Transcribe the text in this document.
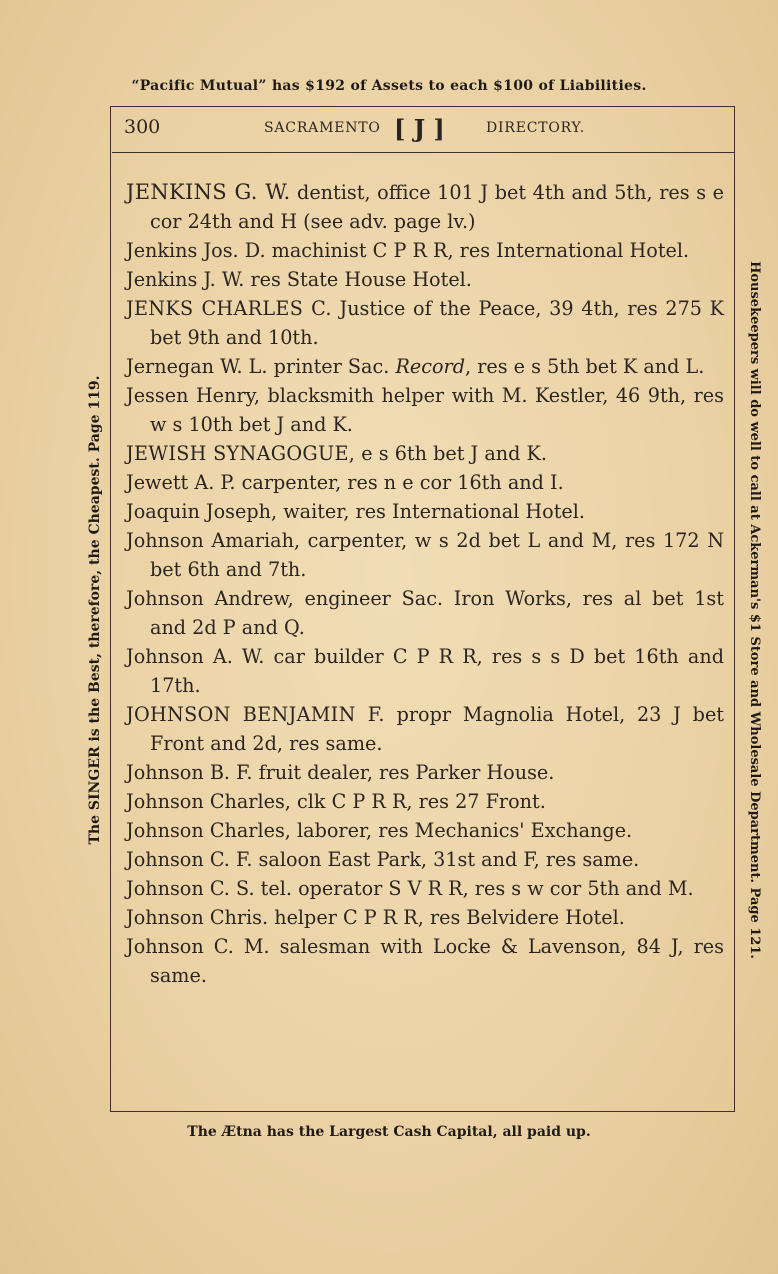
“Pacific Mutual” has $192 of Assets to each $100 of Liabilities.
The SINGER is the Best, therefore, the Cheapest. Page 119.	Housekeepers will do well to call at Ackerman's $1 Store and Wholesale Department. Page 121.
300	SACRAMENTO [ J ]	DIRECTORY.
JENKINS G. W. dentist, office 101 J bet 4th and 5th, res s e cor 24th and H (see adv. page lv.)
Jenkins Jos. D. machinist C P R R, res International Hotel.
Jenkins J. W. res State House Hotel.
JENKS CHARLES C. Justice of the Peace, 39 4th, res 275 K bet 9th and 10th.
Jernegan W. L. printer Sac. Record, res e s 5th bet K and L.
Jessen Henry, blacksmith helper with M. Kestler, 46 9th, res w s 10th bet J and K.
JEWISH SYNAGOGUE, e s 6th bet J and K.
Jewett A. P. carpenter, res n e cor 16th and I.
Joaquin Joseph, waiter, res International Hotel.
Johnson Amariah, carpenter, w s 2d bet L and M, res 172 N bet 6th and 7th.
Johnson Andrew, engineer Sac. Iron Works, res al bet 1st and 2d P and Q.
Johnson A. W. car builder C P R R, res s s D bet 16th and 17th.
JOHNSON BENJAMIN F. propr Magnolia Hotel, 23 J bet Front and 2d, res same.
Johnson B. F. fruit dealer, res Parker House.
Johnson Charles, clk C P R R, res 27 Front.
Johnson Charles, laborer, res Mechanics' Exchange.
Johnson C. F. saloon East Park, 31st and F, res same.
Johnson C. S. tel. operator S V R R, res s w cor 5th and M.
Johnson Chris. helper C P R R, res Belvidere Hotel.
Johnson C. M. salesman with Locke & Lavenson, 84 J, res same.
The Ætna has the Largest Cash Capital, all paid up.
